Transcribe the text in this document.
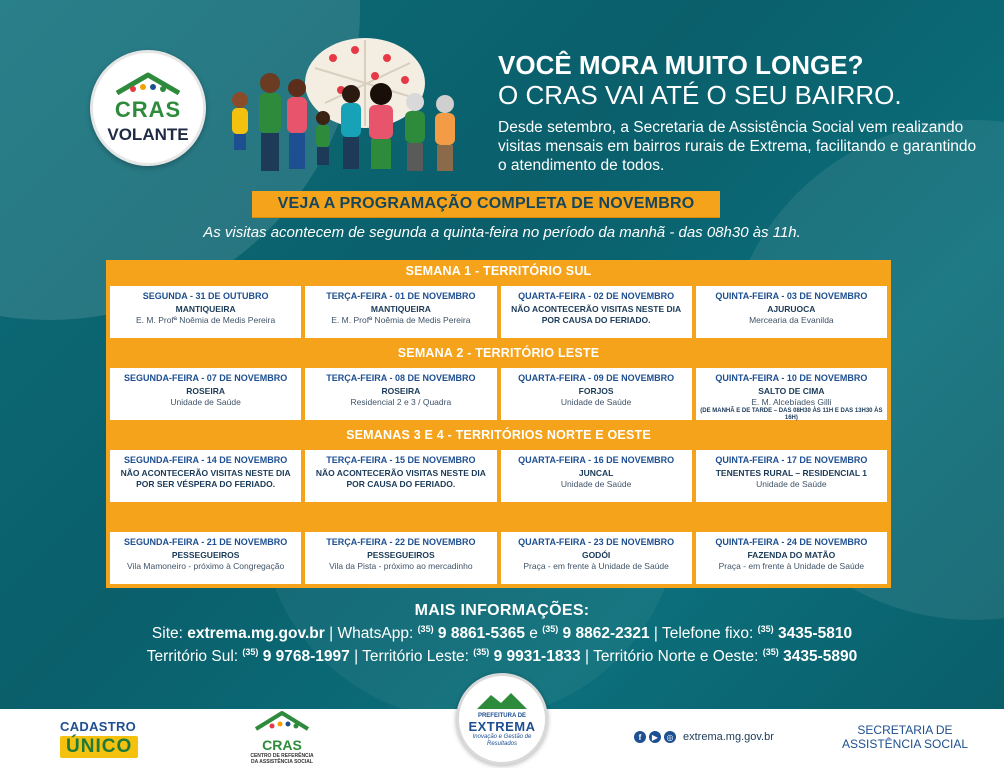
CRAS
VOLANTE
VOCÊ MORA MUITO LONGE?
O CRAS VAI ATÉ O SEU BAIRRO.
Desde setembro, a Secretaria de Assistência Social vem realizando visitas mensais em bairros rurais de Extrema, facilitando e garantindo o atendimento de todos.
VEJA A PROGRAMAÇÃO COMPLETA DE NOVEMBRO
As visitas acontecem de segunda a quinta-feira no período da manhã - das 08h30 às 11h.
SEMANA 1 - TERRITÓRIO SUL
SEGUNDA - 31 DE OUTUBRO
MANTIQUEIRA
E. M. Profª Noêmia de Medis Pereira
TERÇA-FEIRA - 01 DE NOVEMBRO
MANTIQUEIRA
E. M. Profª Noêmia de Medis Pereira
QUARTA-FEIRA - 02 DE NOVEMBRO
NÃO ACONTECERÃO VISITAS NESTE DIA POR CAUSA DO FERIADO.
QUINTA-FEIRA - 03 DE NOVEMBRO
AJURUOCA
Mercearia da Evanilda
SEMANA 2 - TERRITÓRIO LESTE
SEGUNDA-FEIRA - 07 DE NOVEMBRO
ROSEIRA
Unidade de Saúde
TERÇA-FEIRA - 08 DE NOVEMBRO
ROSEIRA
Residencial 2 e 3 / Quadra
QUARTA-FEIRA - 09 DE NOVEMBRO
FORJOS
Unidade de Saúde
QUINTA-FEIRA - 10 DE NOVEMBRO
SALTO DE CIMA
E. M. Alcebíades Gilli
(DE MANHÃ E DE TARDE – DAS 08H30 ÀS 11H E DAS 13H30 ÀS 16H)
SEMANAS 3 E 4 - TERRITÓRIOS NORTE E OESTE
SEGUNDA-FEIRA - 14 DE NOVEMBRO
NÃO ACONTECERÃO VISITAS NESTE DIA POR SER VÉSPERA DO FERIADO.
TERÇA-FEIRA - 15 DE NOVEMBRO
NÃO ACONTECERÃO VISITAS NESTE DIA POR CAUSA DO FERIADO.
QUARTA-FEIRA - 16 DE NOVEMBRO
JUNCAL
Unidade de Saúde
QUINTA-FEIRA - 17 DE NOVEMBRO
TENENTES RURAL – RESIDENCIAL 1
Unidade de Saúde
SEGUNDA-FEIRA - 21 DE NOVEMBRO
PESSEGUEIROS
Vila Mamoneiro - próximo à Congregação
TERÇA-FEIRA - 22 DE NOVEMBRO
PESSEGUEIROS
Vila da Pista - próximo ao mercadinho
QUARTA-FEIRA - 23 DE NOVEMBRO
GODÓI
Praça - em frente à Unidade de Saúde
QUINTA-FEIRA - 24 DE NOVEMBRO
FAZENDA DO MATÃO
Praça - em frente à Unidade de Saúde
MAIS INFORMAÇÕES:
Site: extrema.mg.gov.br | WhatsApp: $^{(35)}$ 9 8861-5365 e $^{(35)}$ 9 8862-2321 | Telefone fixo: $^{(35)}$ 3435-5810
Território Sul: $^{(35)}$ 9 9768-1997 | Território Leste: $^{(35)}$ 9 9931-1833 | Território Norte e Oeste: $^{(35)}$ 3435-5890
CADASTRO
ÚNICO	CRAS
CENTRO DE REFERÊNCIA
DA ASSISTÊNCIA SOCIAL
PREFEITURA DE
EXTREMA
Inovação e Gestão de Resultados
f	▶	◎ extrema.mg.gov.br	SECRETARIA DE
ASSISTÊNCIA SOCIAL
